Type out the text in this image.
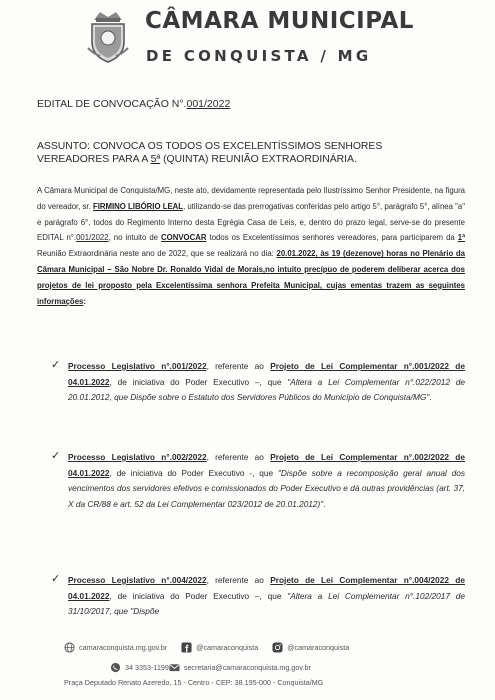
CÂMARA MUNICIPAL
DE CONQUISTA / MG
EDITAL DE CONVOCAÇÃO N°.001/2022
ASSUNTO: CONVOCA OS TODOS OS EXCELENTÍSSIMOS SENHORES VEREADORES PARA A 5ª (QUINTA) REUNIÃO EXTRAORDINÁRIA.
A Câmara Municipal de Conquista/MG, neste ato, devidamente representada pelo Ilustríssimo Senhor Presidente, na figura do vereador, sr. FIRMINO LIBÓRIO LEAL, utilizando-se das prerrogativas conferidas pelo artigo 5°, parágrafo 5°, alínea "a" e parágrafo 6°, todos do Regimento Interno desta Egrégia Casa de Leis, e, dentro do prazo legal, serve-se do presente EDITAL n°.001/2022, no intuito de CONVOCAR todos os Excelentíssimos senhores vereadores, para participarem da 1ª Reunião Extraordinária neste ano de 2022, que se realizará no dia: 20.01.2022, às 19 (dezenove) horas no Plenário da Câmara Municipal – São Nobre Dr. Ronaldo Vidal de Morais,no intuito precípuo de poderem deliberar acerca dos projetos de lei proposto pela Excelentíssima senhora Prefeita Municipal, cujas ementas trazem as seguintes informações:
✓ Processo Legislativo n°.001/2022, referente ao Projeto de Lei Complementar n°.001/2022 de 04.01.2022, de iniciativa do Poder Executivo –, que "Altera a Lei Complementar n°.022/2012 de 20.01.2012, que Dispõe sobre o Estatuto dos Servidores Públicos do Município de Conquista/MG".
✓ Processo Legislativo n°.002/2022, referente ao Projeto de Lei Complementar n°.002/2022 de 04.01.2022, de iniciativa do Poder Executivo -, que "Dispõe sobre a recomposição geral anual dos vencimentos dos servidores efetivos e comissionados do Poder Executivo e dá outras providências (art. 37, X da CR/88 e art. 52 da Lei Complementar 023/2012 de 20.01.2012)".
✓ Processo Legislativo n°.004/2022, referente ao Projeto de Lei Complementar n°.004/2022 de 04.01.2022, de iniciativa do Poder Executivo –, que "Altera a Lei Complementar n°.102/2017 de 31/10/2017, que "Dispõe
camaraconquista.mg.gov.br	@camaraconquista	@camaraconquista
34 3353-1199 secretaria@camaraconquista.mg.gov.br
Praça Deputado Renato Azeredo, 15 - Centro - CEP: 38.195-000 - Conquista/MG
